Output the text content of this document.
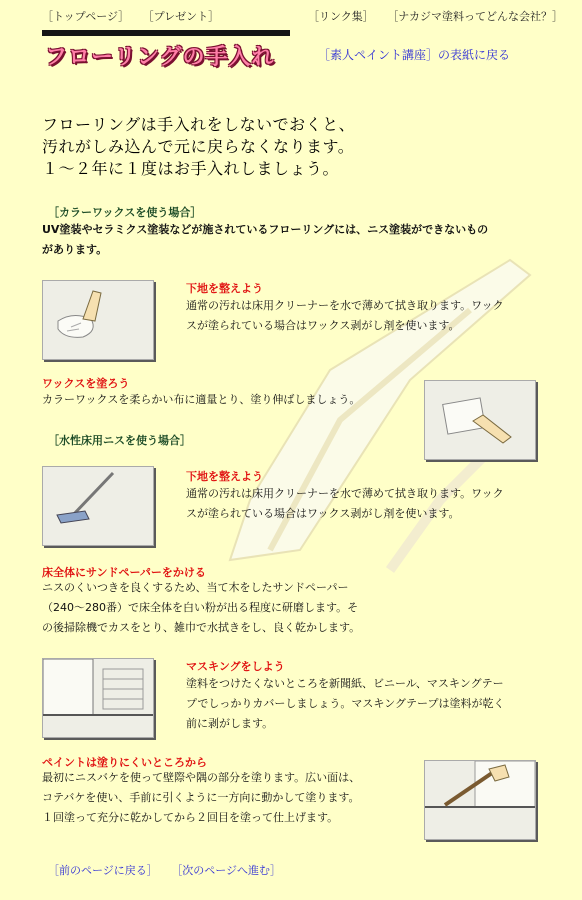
［トップページ］ ［プレゼント］	［リンク集］ ［ナカジマ塗料ってどんな会社？］
フローリングの手入れ	［素人ペイント講座］の表紙に戻る
フローリングは手入れをしないでおくと、
汚れがしみ込んで元に戻らなくなります。
１～２年に１度はお手入れしましょう。
［カラーワックスを使う場合］
UV塗装やセラミクス塗装などが施されているフローリングには、ニス塗装ができないもの
があります。
下地を整えよう
通常の汚れは床用クリーナーを水で薄めて拭き取ります。ワック
スが塗られている場合はワックス剥がし剤を使います。
ワックスを塗ろう
カラーワックスを柔らかい布に適量とり、塗り伸ばしましょう。
［水性床用ニスを使う場合］
下地を整えよう
通常の汚れは床用クリーナーを水で薄めて拭き取ります。ワック
スが塗られている場合はワックス剥がし剤を使います。
床全体にサンドペーパーをかける
ニスのくいつきを良くするため、当て木をしたサンドペーパー
（240～280番）で床全体を白い粉が出る程度に研磨します。そ
の後掃除機でカスをとり、雑巾で水拭きをし、良く乾かします。
マスキングをしよう
塗料をつけたくないところを新聞紙、ビニール、マスキングテー
プでしっかりカバーしましょう。マスキングテープは塗料が乾く
前に剥がします。
ペイントは塗りにくいところから
最初にニスバケを使って壁際や隅の部分を塗ります。広い面は、
コテバケを使い、手前に引くように一方向に動かして塗ります。
１回塗って充分に乾かしてから２回目を塗って仕上げます。
［前のページに戻る］ ［次のページへ進む］
